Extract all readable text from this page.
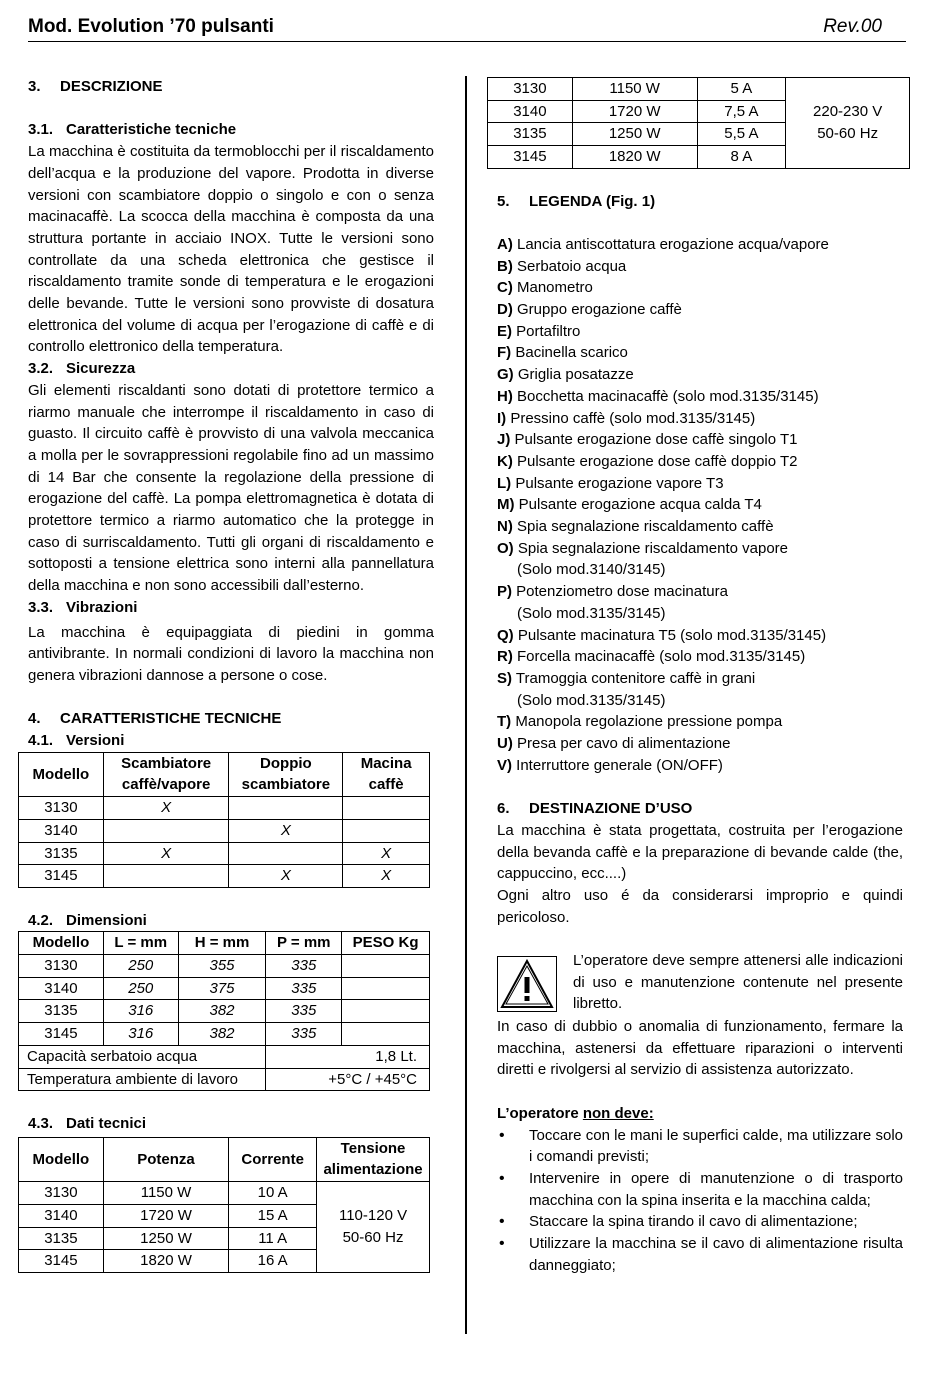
Mod. Evolution ’70 pulsanti	Rev.00
3. DESCRIZIONE
3.1. Caratteristiche tecniche

La macchina è costituita da termoblocchi per il riscaldamento dell’acqua e la produzione del vapore. Prodotta in diverse versioni con scambiatore doppio o singolo e con o senza macinacaffè. La scocca della macchina è composta da una struttura portante in acciaio INOX. Tutte le versioni sono controllate da una scheda elettronica che gestisce il riscaldamento tramite sonde di temperatura e le erogazioni delle bevande. Tutte le versioni sono provviste di dosatura elettronica del volume di acqua per l’erogazione di caffè e di controllo elettronico della temperatura.

3.2. Sicurezza

Gli elementi riscaldanti sono dotati di protettore termico a riarmo manuale che interrompe il riscaldamento in caso di guasto. Il circuito caffè è provvisto di una valvola meccanica a molla per le sovrappressioni regolabile fino ad un massimo di 14 Bar che consente la regolazione della pressione di erogazione del caffè. La pompa elettromagnetica è dotata di protettore termico a riarmo automatico che la protegge in caso di surriscaldamento. Tutti gli organi di riscaldamento e sottoposti a tensione elettrica sono interni alla pannellatura della macchina e non sono accessibili dall’esterno.

3.3. Vibrazioni

La macchina è equipaggiata di piedini in gomma antivibrante. In normali condizioni di lavoro la macchina non genera vibrazioni dannose a persone o cose.

4. CARATTERISTICHE TECNICHE
4.1. Versioni
Modello	Scambiatore caffè/vapore	Doppio scambiatore	Macina caffè
3130	X		
3140		X	
3135	X		X
3145		X	X
4.2. Dimensioni
Modello	L = mm	H = mm	P = mm	PESO Kg
3130	250	355	335	
3140	250	375	335	
3135	316	382	335	
3145	316	382	335	
Capacità serbatoio acqua			1,8 Lt.	
Temperatura ambiente di lavoro			+5°C / +45°C	
4.3. Dati tecnici
Modello	Potenza	Corrente	Tensione alimentazione
3130	1150 W	10 A	110-120 V
50-60 Hz

3140	1720 W	15 A	
3135	1250 W	11 A	
3145	1820 W	16 A	
3130	1150 W	5 A	220-230 V
50-60 Hz

3140	1720 W	7,5 A	
3135	1250 W	5,5 A	
3145	1820 W	8 A	
5. LEGENDA (Fig. 1)
A) Lancia antiscottatura erogazione acqua/vapore
B) Serbatoio acqua
C) Manometro
D) Gruppo erogazione caffè
E) Portafiltro
F) Bacinella scarico
G) Griglia posatazze
H) Bocchetta macinacaffè (solo mod.3135/3145)
I) Pressino caffè (solo mod.3135/3145)
J) Pulsante erogazione dose caffè singolo T1
K) Pulsante erogazione dose caffè doppio T2
L) Pulsante erogazione vapore T3
M) Pulsante erogazione acqua calda T4
N) Spia segnalazione riscaldamento caffè
O) Spia segnalazione riscaldamento vapore
(Solo mod.3140/3145)
P) Potenziometro dose macinatura
(Solo mod.3135/3145)
Q) Pulsante macinatura T5 (solo mod.3135/3145)
R) Forcella macinacaffè (solo mod.3135/3145)
S) Tramoggia contenitore caffè in grani
(Solo mod.3135/3145)
T) Manopola regolazione pressione pompa
U) Presa per cavo di alimentazione
V) Interruttore generale (ON/OFF)
6. DESTINAZIONE D’USO

La macchina è stata progettata, costruita per l’erogazione della bevanda caffè e la preparazione di bevande calde (the, cappuccino, ecc....)

Ogni altro uso é da considerarsi improprio e quindi pericoloso.

L’operatore deve sempre attenersi alle indicazioni di uso e manutenzione contenute nel presente libretto.

In caso di dubbio o anomalia di funzionamento, fermare la macchina, astenersi da effettuare riparazioni o interventi diretti e rivolgersi al servizio di assistenza autorizzato.

L’operatore non deve:

• Toccare con le mani le superfici calde, ma utilizzare solo i comandi previsti;
• Intervenire in opere di manutenzione o di trasporto macchina con la spina inserita e la macchina calda;
• Staccare la spina tirando il cavo di alimentazione;
• Utilizzare la macchina se il cavo di alimentazione risulta danneggiato;
